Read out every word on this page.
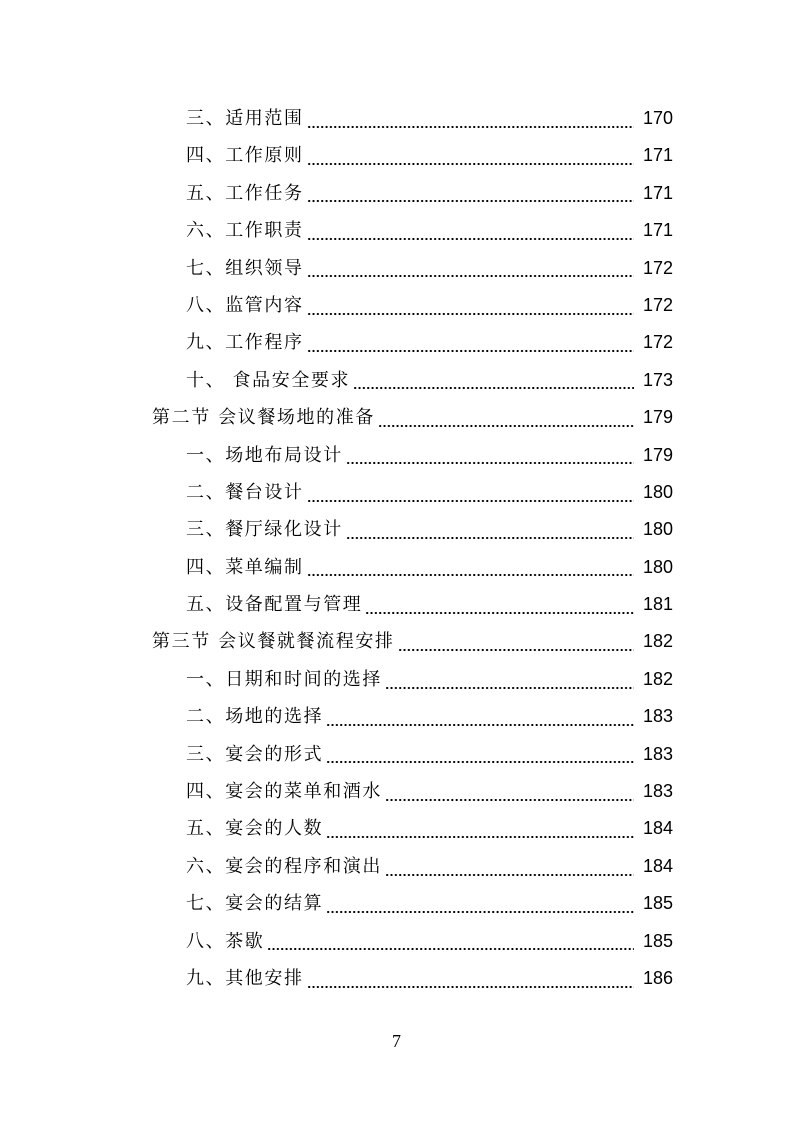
三、适用范围	170
四、工作原则	171
五、工作任务	171
六、工作职责	171
七、组织领导	172
八、监管内容	172
九、工作程序	172
十、 食品安全要求	173
第二节 会议餐场地的准备	179
一、场地布局设计	179
二、餐台设计	180
三、餐厅绿化设计	180
四、菜单编制	180
五、设备配置与管理	181
第三节 会议餐就餐流程安排	182
一、日期和时间的选择	182
二、场地的选择	183
三、宴会的形式	183
四、宴会的菜单和酒水	183
五、宴会的人数	184
六、宴会的程序和演出	184
七、宴会的结算	185
八、茶歇	185
九、其他安排	186
7
